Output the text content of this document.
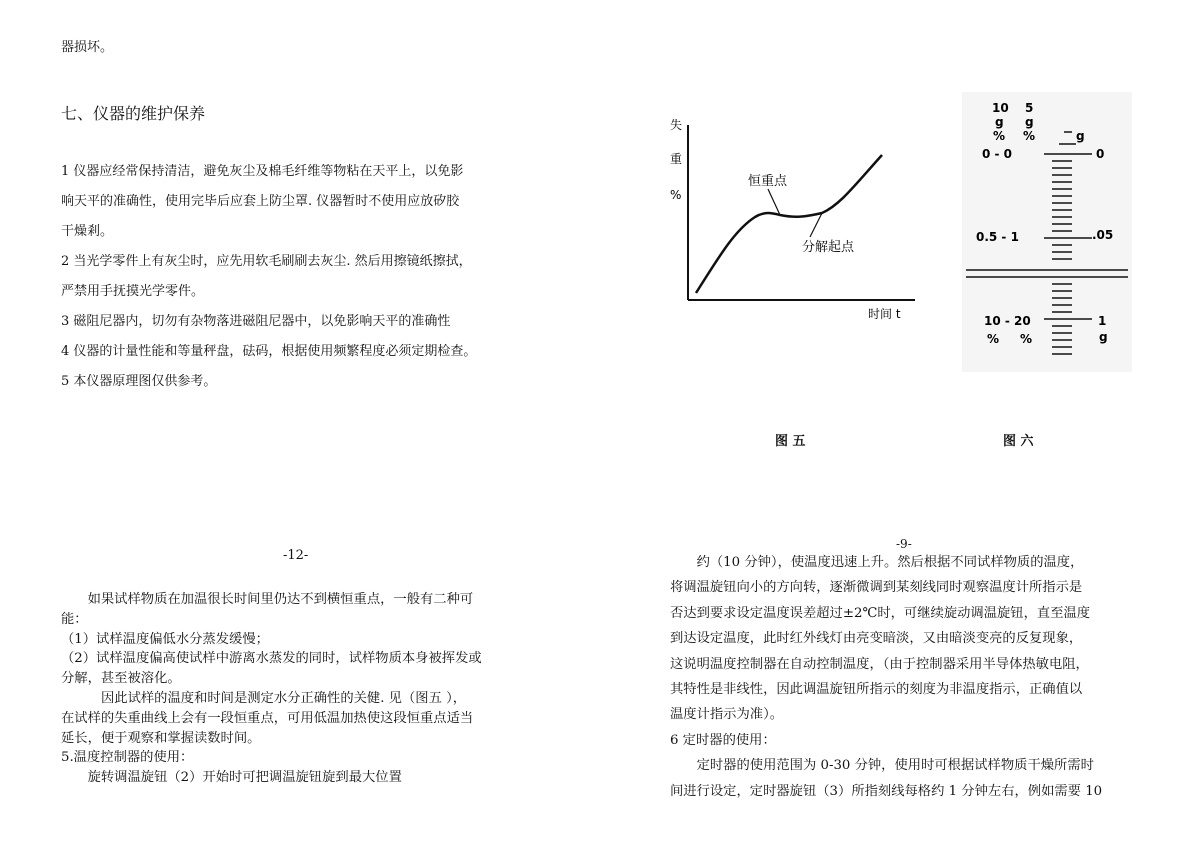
器损坏。
七、仪器的维护保养
1 仪器应经常保持清洁，避免灰尘及棉毛纤维等物粘在天平上，以免影
响天平的准确性，使用完毕后应套上防尘罩. 仪器暂时不使用应放矽胶
干燥剎。
2 当光学零件上有灰尘时，应先用软毛刷刷去灰尘. 然后用擦镜纸擦拭，
严禁用手抚摸光学零件。
3 磁阻尼器内，切勿有杂物落进磁阻尼器中，以免影响天平的准确性
4 仪器的计量性能和等量秤盘，砝码，根据使用频繁程度必须定期检查。
5 本仪器原理图仅供参考。
-12-
失
重
%
恒重点
分解起点
时间 t
10
g
%
5
g
%	g
0 - 0	0
0.5 - 1	.05
10 - 20	1
% %	g
图 五	图 六
-9-
如果试样物质在加温很长时间里仍达不到横恒重点，一般有二种可
能：
（1）试样温度偏低水分蒸发缓慢；
（2）试样温度偏高使试样中游离水蒸发的同时，试样物质本身被挥发或
分解，甚至被溶化。
因此试样的温度和时间是测定水分正确性的关健. 见（图五 ），
在试样的失重曲线上会有一段恒重点，可用低温加热使这段恒重点适当
延长，便于观察和掌握读数时间。
5.温度控制器的使用：
旋转调温旋钮（2）开始时可把调温旋钮旋到最大位置
约（10 分钟），使温度迅速上升。然后根据不同试样物质的温度，
将调温旋钮向小的方向转，逐渐微调到某刻线同时观察温度计所指示是
否达到要求设定温度误差超过±2℃时，可继续旋动调温旋钮，直至温度
到达设定温度，此时红外线灯由亮变暗淡，又由暗淡变亮的反复现象，
这说明温度控制器在自动控制温度，（由于控制器采用半导体热敏电阻，
其特性是非线性，因此调温旋钮所指示的刻度为非温度指示，正确值以
温度计指示为准）。
6 定时器的使用：
定时器的使用范围为 0-30 分钟，使用时可根据试样物质干燥所需时
间进行设定，定时器旋钮（3）所指刻线每格约 1 分钟左右，例如需要 10
